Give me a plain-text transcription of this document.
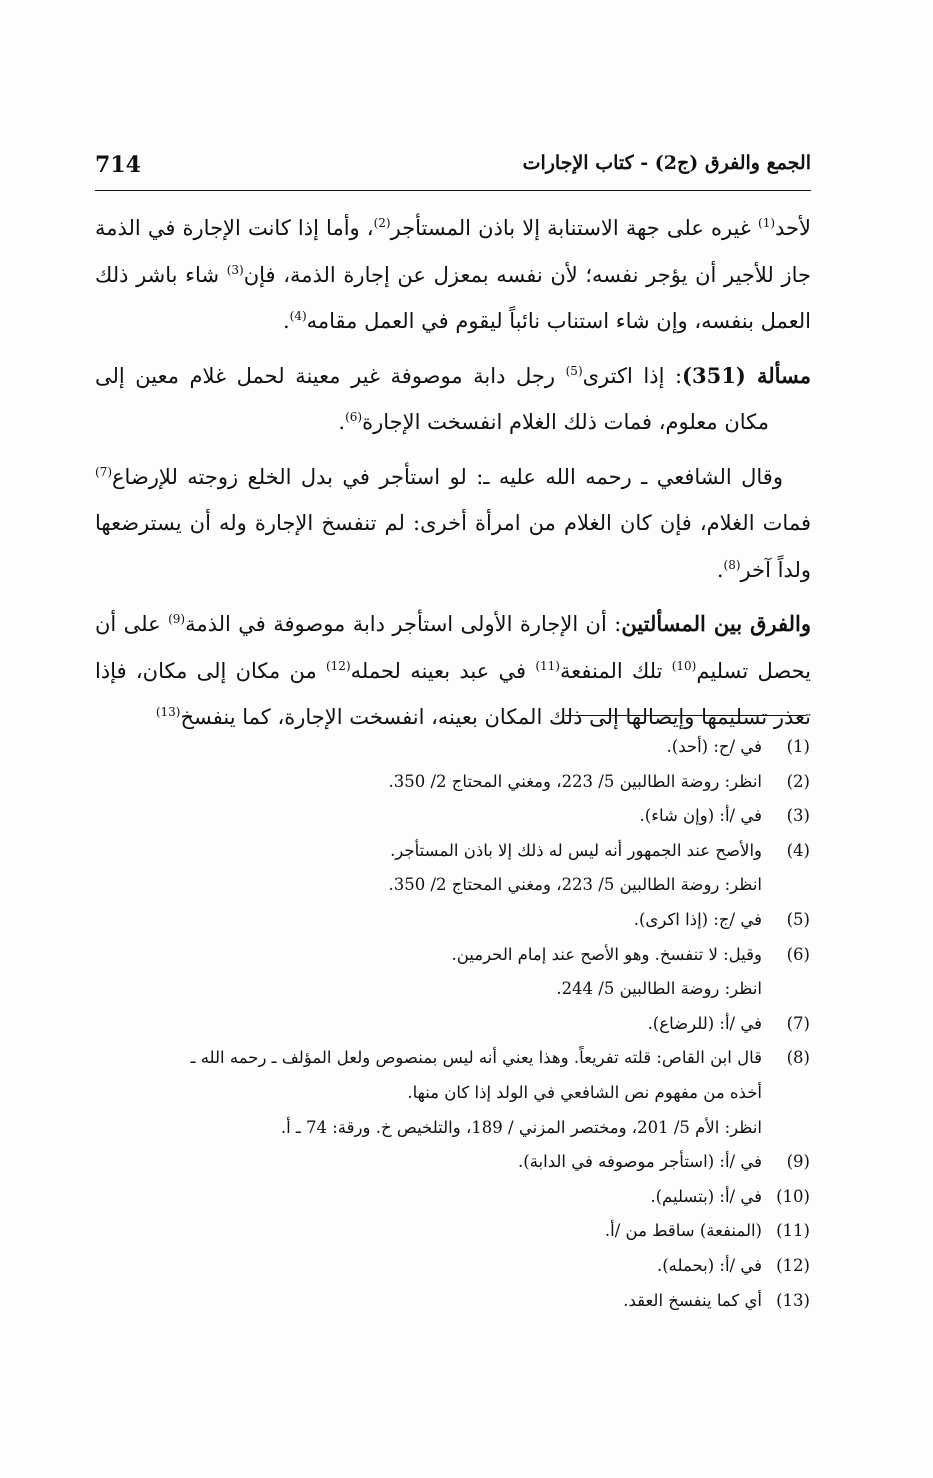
714	الجمع والفرق (ج2) - كتاب الإجارات

لأحد$^{(1)}$ غيره على جهة الاستنابة إلا باذن المستأجر$^{(2)}$، وأما إذا كانت الإجارة في الذمة جاز للأجير أن يؤجر نفسه؛ لأن نفسه بمعزل عن إجارة الذمة، فإن$^{(3)}$ شاء باشر ذلك العمل بنفسه، وإن شاء استناب نائباً ليقوم في العمل مقامه$^{(4)}$.

مسألة (351): إذا اكترى$^{(5)}$ رجل دابة موصوفة غير معينة لحمل غلام معين إلى مكان معلوم، فمات ذلك الغلام انفسخت الإجارة$^{(6)}$.

وقال الشافعي ـ رحمه الله عليه ـ: لو استأجر في بدل الخلع زوجته للإرضاع$^{(7)}$ فمات الغلام، فإن كان الغلام من امرأة أخرى: لم تنفسخ الإجارة وله أن يسترضعها ولداً آخر$^{(8)}$.

والفرق بين المسألتين: أن الإجارة الأولى استأجر دابة موصوفة في الذمة$^{(9)}$ على أن يحصل تسليم$^{(10)}$ تلك المنفعة$^{(11)}$ في عبد بعينه لحمله$^{(12)}$ من مكان إلى مكان، فإذا تعذر تسليمها وإيصالها إلى ذلك المكان بعينه، انفسخت الإجارة، كما ينفسخ$^{(13)}$

(1)
في /ح: (أحد).
(2)
انظر: روضة الطالبين 5/ 223، ومغني المحتاج 2/ 350.
(3)
في /أ: (وإن شاء).
(4)
والأصح عند الجمهور أنه ليس له ذلك إلا باذن المستأجر.
انظر: روضة الطالبين 5/ 223، ومغني المحتاج 2/ 350.
(5)
في /ج: (إذا اكرى).
(6)
وقيل: لا تنفسخ. وهو الأصح عند إمام الحرمين.
انظر: روضة الطالبين 5/ 244.
(7)
في /أ: (للرضاع).
(8)
قال ابن القاص: قلته تفريعاً. وهذا يعني أنه ليس بمنصوص ولعل المؤلف ـ رحمه الله ـ
أخذه من مفهوم نص الشافعي في الولد إذا كان منها.
انظر: الأم 5/ 201، ومختصر المزني / 189، والتلخيص خ. ورقة: 74 ـ أ.
(9)
في /أ: (استأجر موصوفه في الدابة).
(10)
في /أ: (بتسليم).
(11)
(المنفعة) ساقط من /أ.
(12)
في /أ: (بحمله).
(13)
أي كما ينفسخ العقد.
